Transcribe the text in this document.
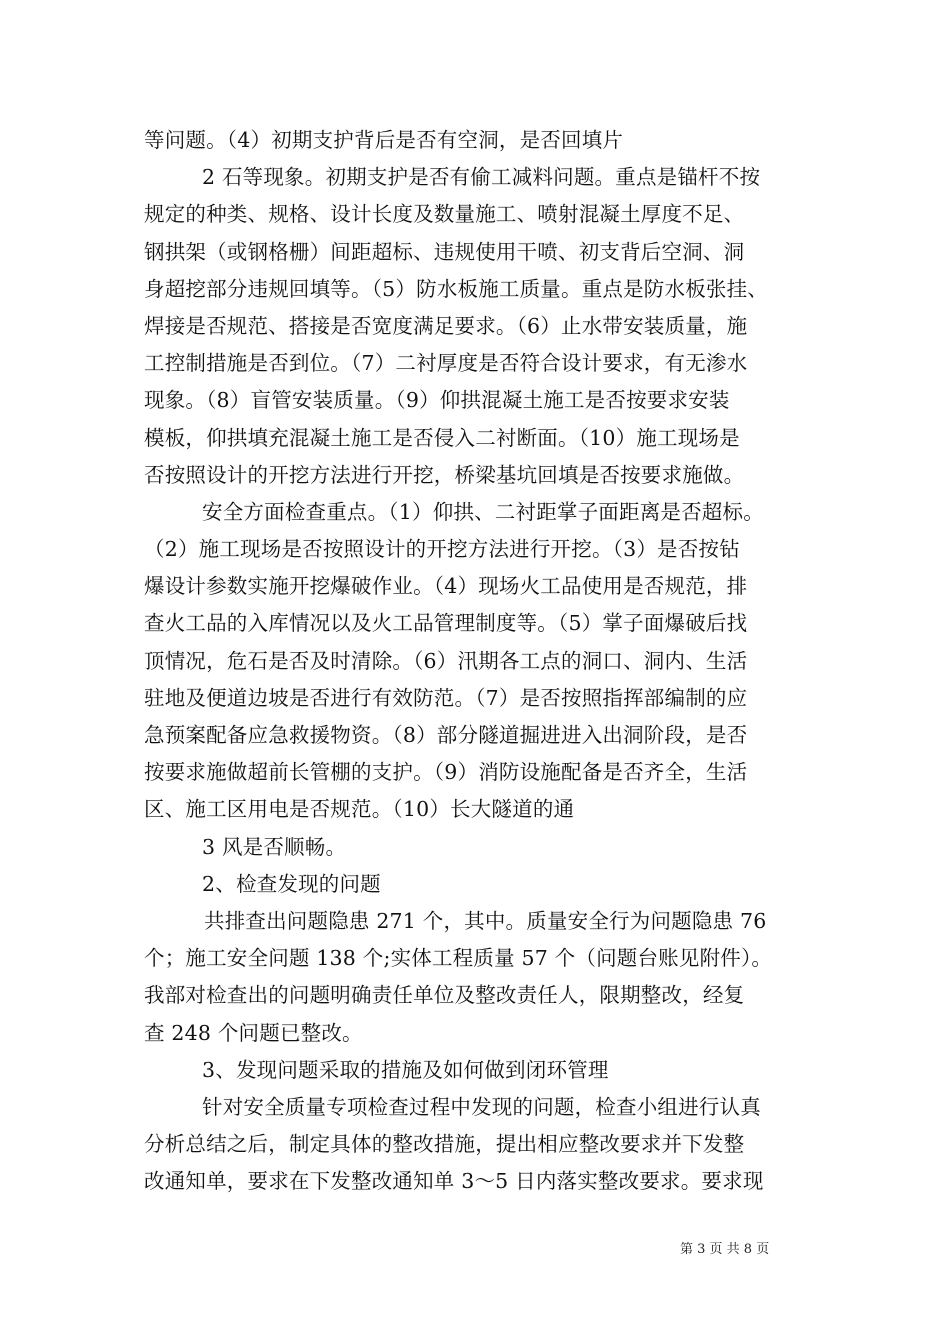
等问题。（4）初期支护背后是否有空洞，是否回填片
2 石等现象。初期支护是否有偷工减料问题。重点是锚杆不按
规定的种类、规格、设计长度及数量施工、喷射混凝土厚度不足、
钢拱架（或钢格栅）间距超标、违规使用干喷、初支背后空洞、洞
身超挖部分违规回填等。（5）防水板施工质量。重点是防水板张挂、
焊接是否规范、搭接是否宽度满足要求。（6）止水带安装质量，施
工控制措施是否到位。（7）二衬厚度是否符合设计要求，有无渗水
现象。（8）盲管安装质量。（9）仰拱混凝土施工是否按要求安装
模板，仰拱填充混凝土施工是否侵入二衬断面。（10）施工现场是
否按照设计的开挖方法进行开挖，桥梁基坑回填是否按要求施做。
安全方面检查重点。（1）仰拱、二衬距掌子面距离是否超标。
（2）施工现场是否按照设计的开挖方法进行开挖。（3）是否按钻
爆设计参数实施开挖爆破作业。（4）现场火工品使用是否规范，排
查火工品的入库情况以及火工品管理制度等。（5）掌子面爆破后找
顶情况，危石是否及时清除。（6）汛期各工点的洞口、洞内、生活
驻地及便道边坡是否进行有效防范。（7）是否按照指挥部编制的应
急预案配备应急救援物资。（8）部分隧道掘进进入出洞阶段，是否
按要求施做超前长管棚的支护。（9）消防设施配备是否齐全，生活
区、施工区用电是否规范。（10）长大隧道的通
3 风是否顺畅。
2、检查发现的问题
共排查出问题隐患 271 个，其中。质量安全行为问题隐患 76
个；施工安全问题 138 个;实体工程质量 57 个（问题台账见附件）。
我部对检查出的问题明确责任单位及整改责任人，限期整改，经复
查 248 个问题已整改。
3、发现问题采取的措施及如何做到闭环管理
针对安全质量专项检查过程中发现的问题，检查小组进行认真
分析总结之后，制定具体的整改措施，提出相应整改要求并下发整
改通知单，要求在下发整改通知单 3～5 日内落实整改要求。要求现
第 3 页 共 8 页
